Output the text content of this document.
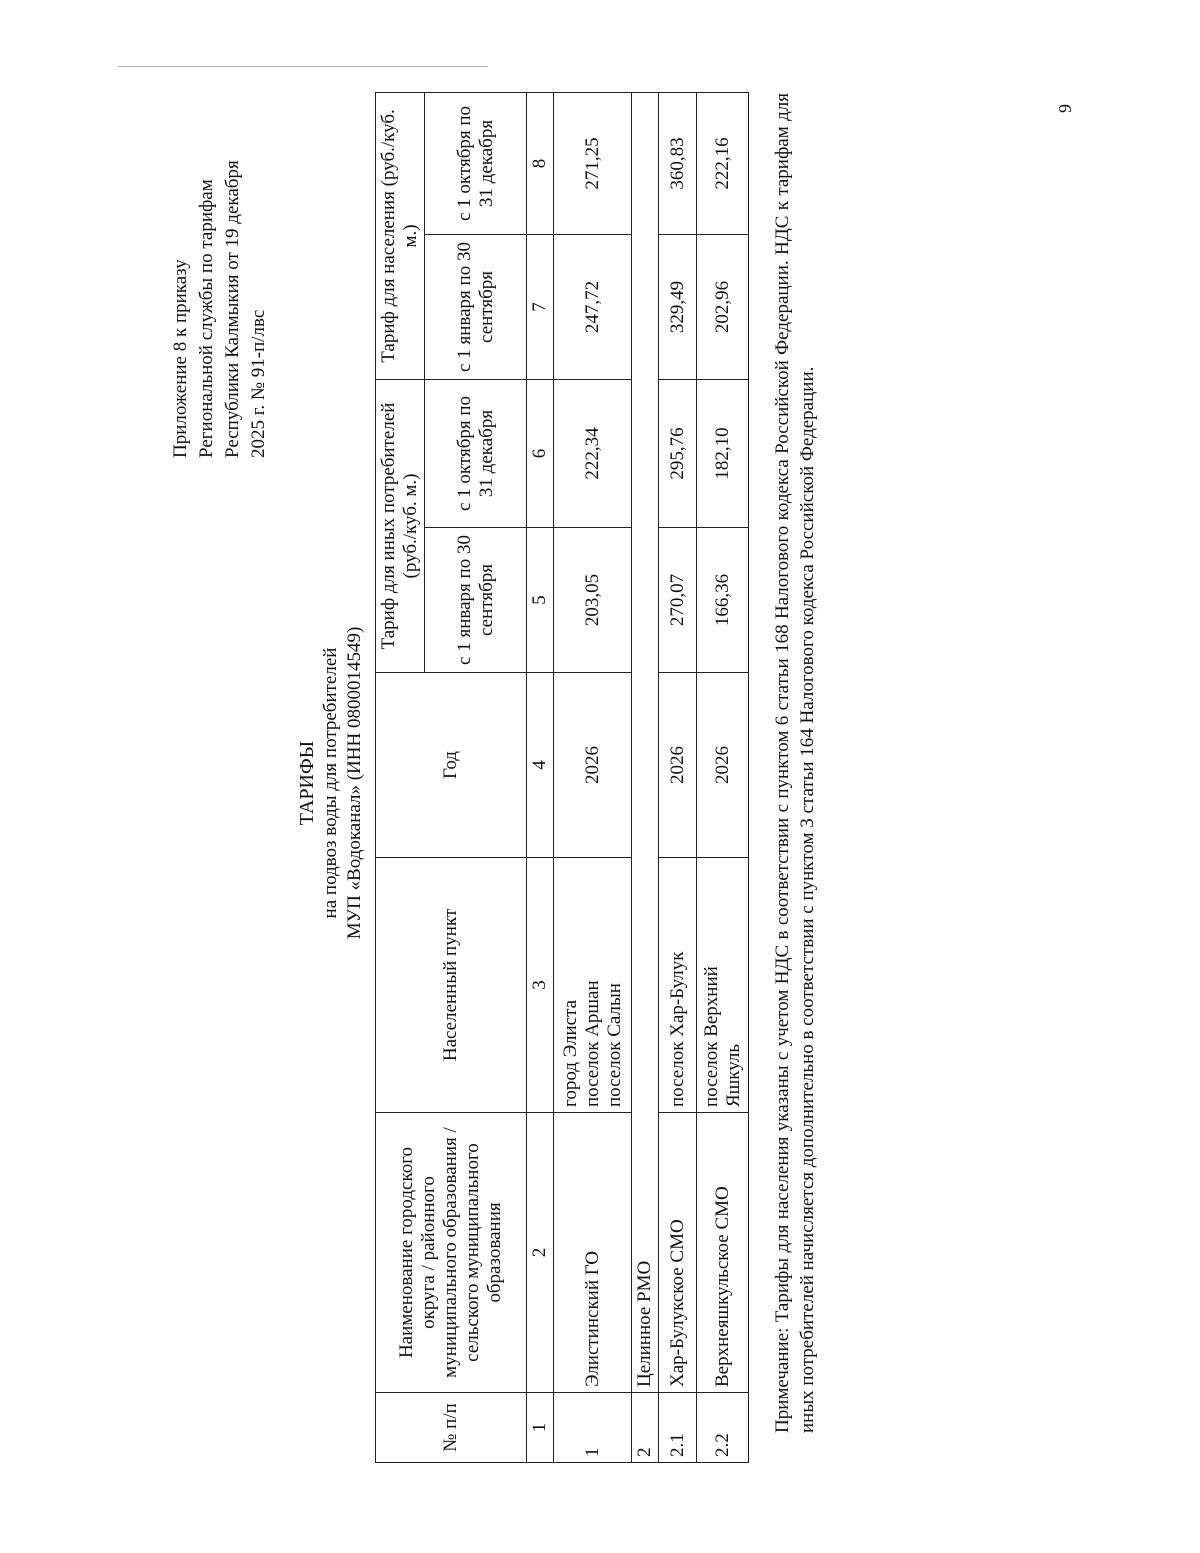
Приложение 8 к приказу Региональной службы по тарифам Республики Калмыкия от 19 декабря 2025 г. № 91-п/лвс
ТАРИФЫ на подвоз воды для потребителей МУП «Водоканал» (ИНН 0800014549)
№ п/п	Наименование городского округа / районного муниципального образования / сельского муниципального образования	Населенный пункт	Год	Тариф для иных потребителей (руб./куб. м.)		Тариф для населения (руб./куб. м.)	
				с 1 января по 30 сентября	с 1 октября по 31 декабря	с 1 января по 30 сентября	с 1 октября по 31 декабря
1	2	3	4	5	6	7	8
1	Элистинский ГО	город Элиста поселок Аршан поселок Салын	2026	203,05	222,34	247,72	271,25
2	Целинное РМО						
2.1	Хар-Булукское СМО	поселок Хар-Булук	2026	270,07	295,76	329,49	360,83
2.2	Верхнеяшкульское СМО	поселок Верхний Яшкуль	2026	166,36	182,10	202,96	222,16 Примечание: Тарифы для населения указаны с учетом НДС в соответствии с пунктом 6 статьи 168 Налогового кодекса Российской Федерации. НДС к тарифам для иных потребителей начисляется дополнительно в соответствии с пунктом 3 статьи 164 Налогового кодекса Российской Федерации.
9
